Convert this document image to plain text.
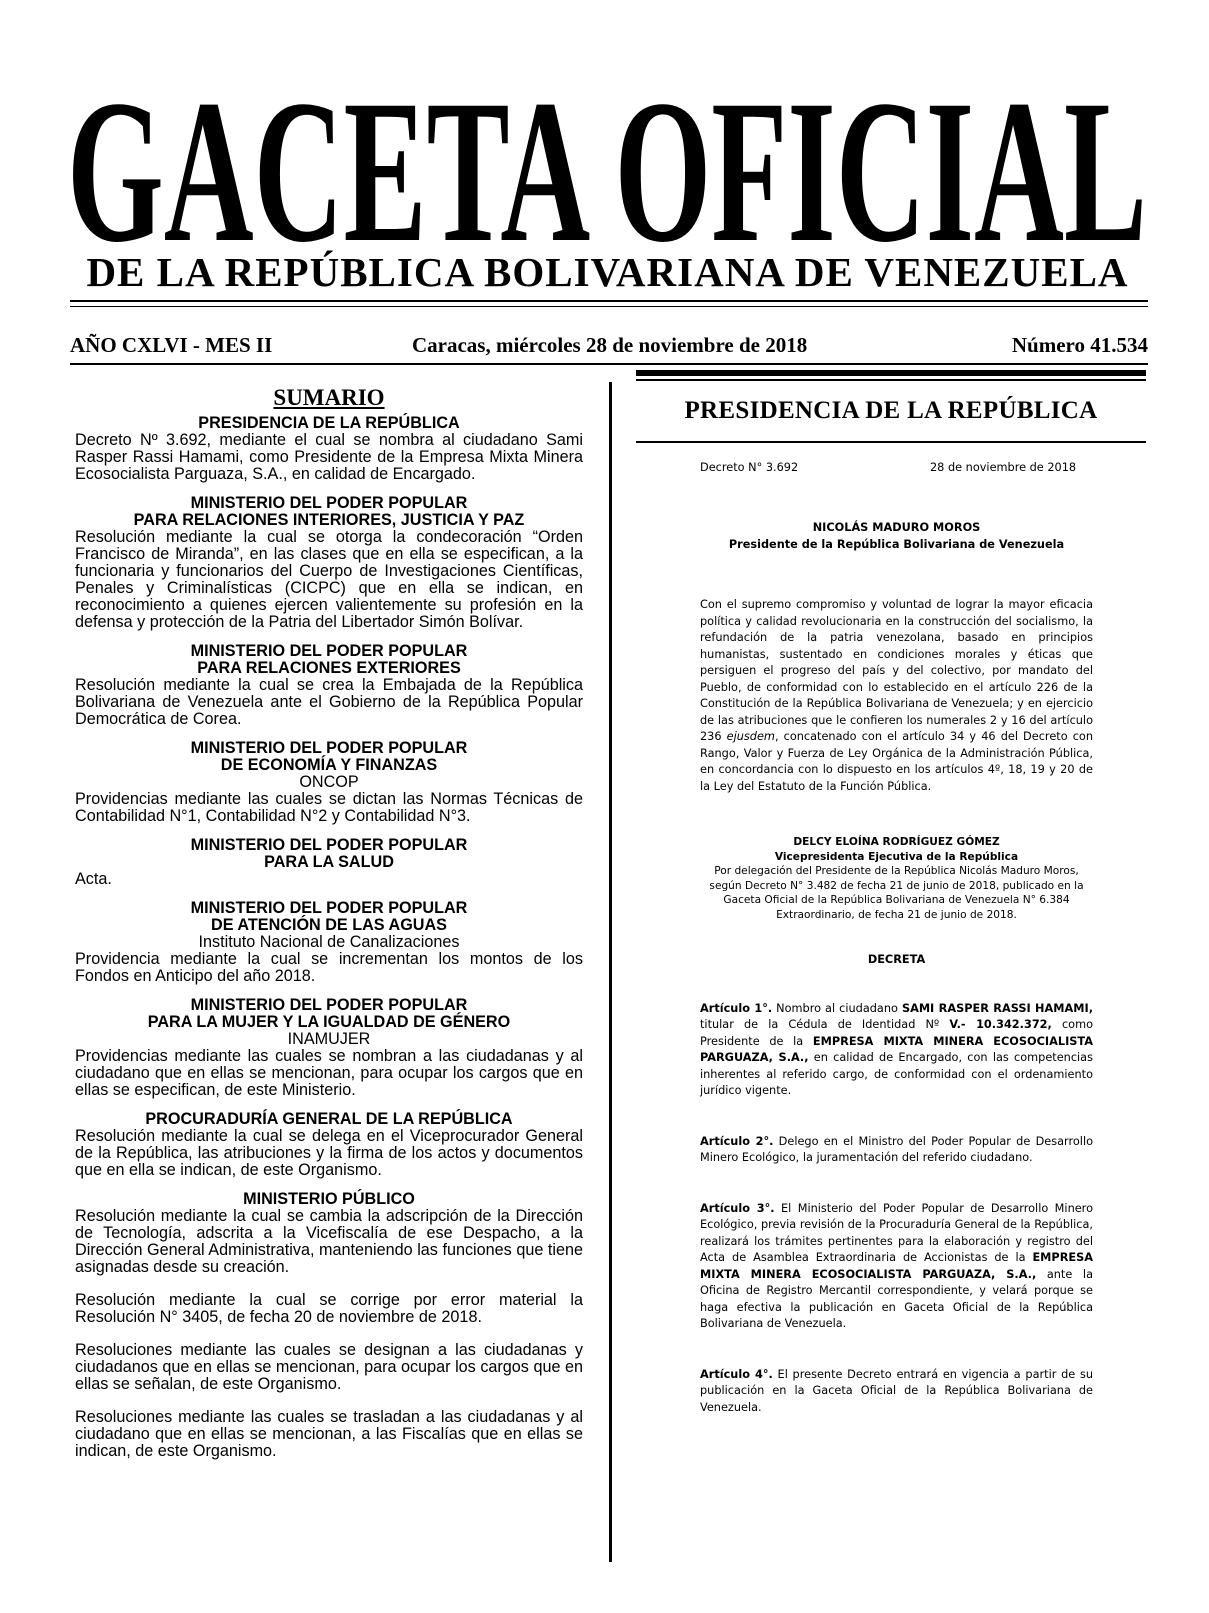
GACETA OFICIAL
DE LA REPÚBLICA BOLIVARIANA DE VENEZUELA
AÑO CXLVI - MES II	Caracas, miércoles 28 de noviembre de 2018	Número 41.534
SUMARIO
PRESIDENCIA DE LA REPÚBLICA

Decreto Nº 3.692, mediante el cual se nombra al ciudadano Sami Rasper Rassi Hamami, como Presidente de la Empresa Mixta Minera Ecosocialista Parguaza, S.A., en calidad de Encargado.

MINISTERIO DEL PODER POPULAR
PARA RELACIONES INTERIORES, JUSTICIA Y PAZ

Resolución mediante la cual se otorga la condecoración “Orden Francisco de Miranda”, en las clases que en ella se especifican, a la funcionaria y funcionarios del Cuerpo de Investigaciones Científicas, Penales y Criminalísticas (CICPC) que en ella se indican, en reconocimiento a quienes ejercen valientemente su profesión en la defensa y protección de la Patria del Libertador Simón Bolívar.

MINISTERIO DEL PODER POPULAR
PARA RELACIONES EXTERIORES

Resolución mediante la cual se crea la Embajada de la República Bolivariana de Venezuela ante el Gobierno de la República Popular Democrática de Corea.

MINISTERIO DEL PODER POPULAR
DE ECONOMÍA Y FINANZAS
ONCOP

Providencias mediante las cuales se dictan las Normas Técnicas de Contabilidad N°1, Contabilidad N°2 y Contabilidad N°3.

MINISTERIO DEL PODER POPULAR
PARA LA SALUD

Acta.

MINISTERIO DEL PODER POPULAR
DE ATENCIÓN DE LAS AGUAS
Instituto Nacional de Canalizaciones

Providencia mediante la cual se incrementan los montos de los Fondos en Anticipo del año 2018.

MINISTERIO DEL PODER POPULAR
PARA LA MUJER Y LA IGUALDAD DE GÉNERO
INAMUJER

Providencias mediante las cuales se nombran a las ciudadanas y al ciudadano que en ellas se mencionan, para ocupar los cargos que en ellas se especifican, de este Ministerio.

PROCURADURÍA GENERAL DE LA REPÚBLICA

Resolución mediante la cual se delega en el Viceprocurador General de la República, las atribuciones y la firma de los actos y documentos que en ella se indican, de este Organismo.

MINISTERIO PÚBLICO

Resolución mediante la cual se cambia la adscripción de la Dirección de Tecnología, adscrita a la Vicefiscalía de ese Despacho, a la Dirección General Administrativa, manteniendo las funciones que tiene asignadas desde su creación.

Resolución mediante la cual se corrige por error material la Resolución N° 3405, de fecha 20 de noviembre de 2018.

Resoluciones mediante las cuales se designan a las ciudadanas y ciudadanos que en ellas se mencionan, para ocupar los cargos que en ellas se señalan, de este Organismo.

Resoluciones mediante las cuales se trasladan a las ciudadanas y al ciudadano que en ellas se mencionan, a las Fiscalías que en ellas se indican, de este Organismo.

PRESIDENCIA DE LA REPÚBLICA
Decreto N° 3.692	28 de noviembre de 2018
NICOLÁS MADURO MOROS
Presidente de la República Bolivariana de Venezuela

Con el supremo compromiso y voluntad de lograr la mayor eficacia política y calidad revolucionaria en la construcción del socialismo, la refundación de la patria venezolana, basado en principios humanistas, sustentado en condiciones morales y éticas que persiguen el progreso del país y del colectivo, por mandato del Pueblo, de conformidad con lo establecido en el artículo 226 de la Constitución de la República Bolivariana de Venezuela; y en ejercicio de las atribuciones que le confieren los numerales 2 y 16 del artículo 236 ejusdem, concatenado con el artículo 34 y 46 del Decreto con Rango, Valor y Fuerza de Ley Orgánica de la Administración Pública, en concordancia con lo dispuesto en los artículos 4º, 18, 19 y 20 de la Ley del Estatuto de la Función Pública.

DELCY ELOÍNA RODRÍGUEZ GÓMEZ
Vicepresidenta Ejecutiva de la República
Por delegación del Presidente de la República Nicolás Maduro Moros, según Decreto N° 3.482 de fecha 21 de junio de 2018, publicado en la Gaceta Oficial de la República Bolivariana de Venezuela N° 6.384 Extraordinario, de fecha 21 de junio de 2018.
DECRETA

Artículo 1°. Nombro al ciudadano SAMI RASPER RASSI HAMAMI, titular de la Cédula de Identidad Nº V.- 10.342.372, como Presidente de la EMPRESA MIXTA MINERA ECOSOCIALISTA PARGUAZA, S.A., en calidad de Encargado, con las competencias inherentes al referido cargo, de conformidad con el ordenamiento jurídico vigente.

Artículo 2°. Delego en el Ministro del Poder Popular de Desarrollo Minero Ecológico, la juramentación del referido ciudadano.

Artículo 3°. El Ministerio del Poder Popular de Desarrollo Minero Ecológico, previa revisión de la Procuraduría General de la República, realizará los trámites pertinentes para la elaboración y registro del Acta de Asamblea Extraordinaria de Accionistas de la EMPRESA MIXTA MINERA ECOSOCIALISTA PARGUAZA, S.A., ante la Oficina de Registro Mercantil correspondiente, y velará porque se haga efectiva la publicación en Gaceta Oficial de la República Bolivariana de Venezuela.

Artículo 4°. El presente Decreto entrará en vigencia a partir de su publicación en la Gaceta Oficial de la República Bolivariana de Venezuela.
